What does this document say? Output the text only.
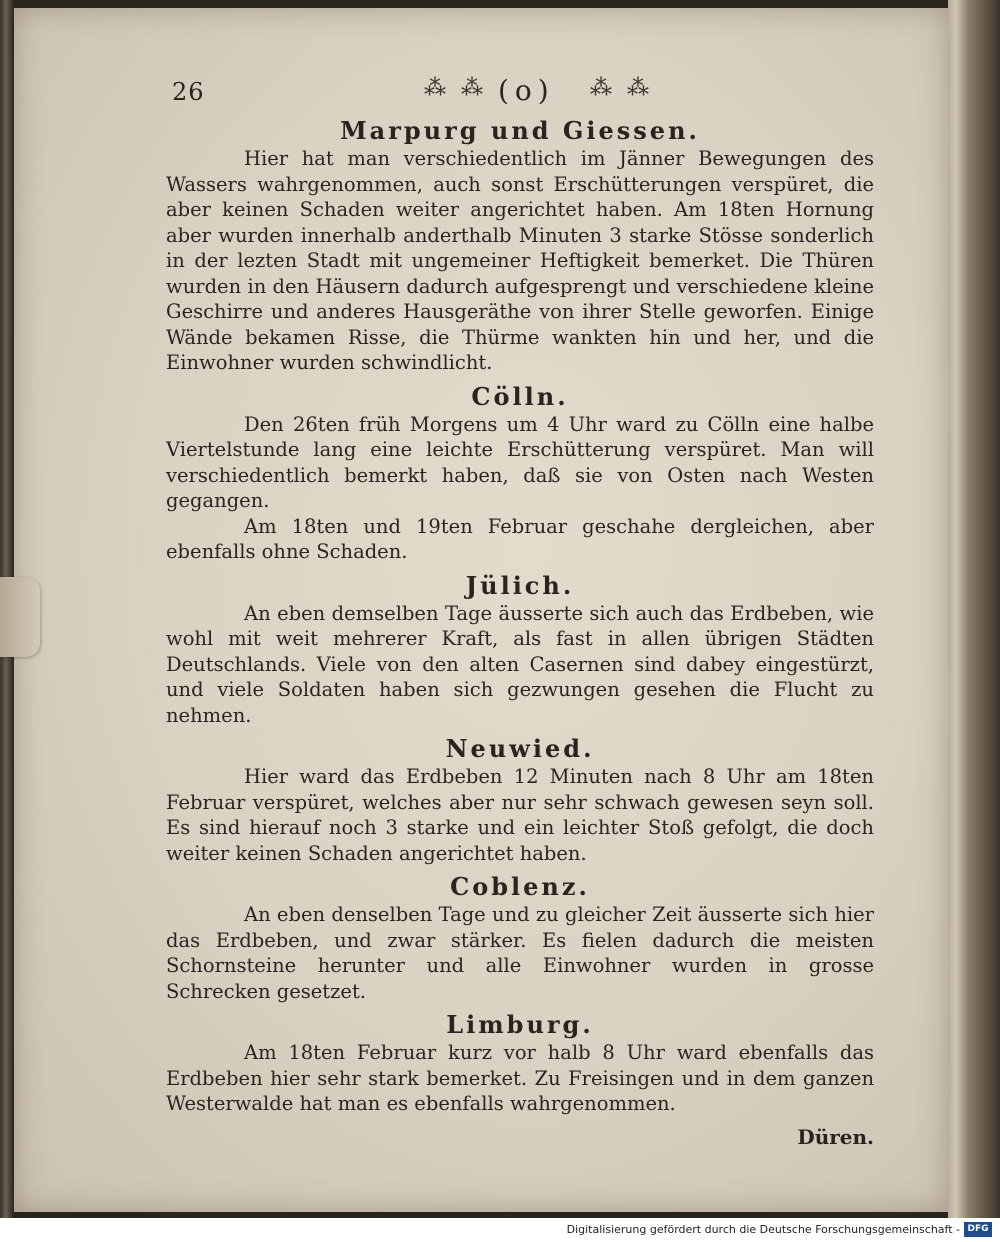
26	⁂ ⁂ (o) ⁂ ⁂
Marpurg und Giessen.

Hier hat man verschiedentlich im Jänner Bewegungen des Wassers wahrgenommen, auch sonst Erschütterungen verspüret, die aber keinen Schaden weiter angerichtet haben. Am 18ten Hornung aber wurden innerhalb anderthalb Minuten 3 starke Stösse sonderlich in der lezten Stadt mit ungemeiner Heftigkeit bemerket. Die Thüren wurden in den Häusern dadurch aufgesprengt und verschiedene kleine Geschirre und anderes Hausgeräthe von ihrer Stelle geworfen. Einige Wände bekamen Risse, die Thürme wankten hin und her, und die Einwohner wurden schwindlicht.

Cölln.

Den 26ten früh Morgens um 4 Uhr ward zu Cölln eine halbe Viertelstunde lang eine leichte Erschütterung verspüret. Man will verschiedentlich bemerkt haben, daß sie von Osten nach Westen gegangen.

Am 18ten und 19ten Februar geschahe dergleichen, aber ebenfalls ohne Schaden.

Jülich.

An eben demselben Tage äusserte sich auch das Erdbeben, wie wohl mit weit mehrerer Kraft, als fast in allen übrigen Städten Deutschlands. Viele von den alten Casernen sind dabey eingestürzt, und viele Soldaten haben sich gezwungen gesehen die Flucht zu nehmen.

Neuwied.

Hier ward das Erdbeben 12 Minuten nach 8 Uhr am 18ten Februar verspüret, welches aber nur sehr schwach gewesen seyn soll. Es sind hierauf noch 3 starke und ein leichter Stoß gefolgt, die doch weiter keinen Schaden angerichtet haben.

Coblenz.

An eben denselben Tage und zu gleicher Zeit äusserte sich hier das Erdbeben, und zwar stärker. Es fielen dadurch die meisten Schornsteine herunter und alle Einwohner wurden in grosse Schrecken gesetzet.

Limburg.

Am 18ten Februar kurz vor halb 8 Uhr ward ebenfalls das Erdbeben hier sehr stark bemerket. Zu Freisingen und in dem ganzen Westerwalde hat man es ebenfalls wahrgenommen.

Düren.
Digitalisierung gefördert durch die Deutsche Forschungsgemeinschaft - DFG
